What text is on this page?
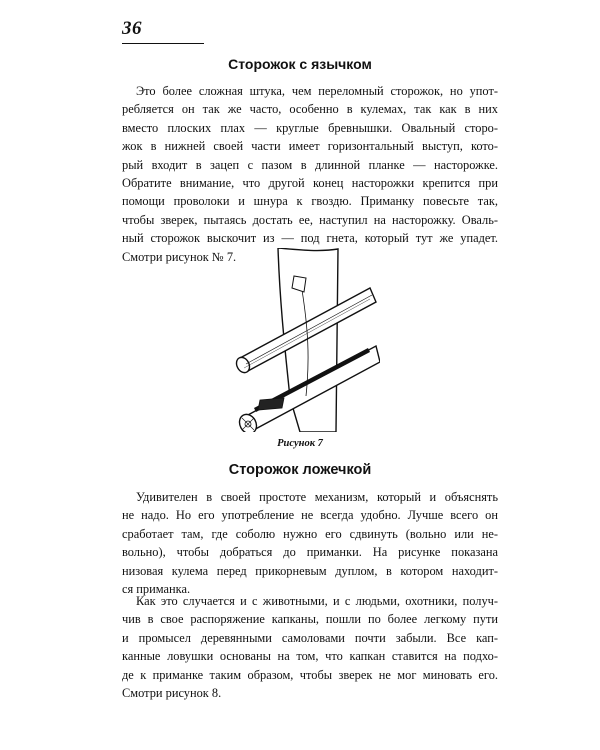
36
Сторожок с язычком
Это более сложная штука, чем переломный сторожок, но упот-
ребляется он так же часто, особенно в кулемах, так как в них
вместо плоских плах — круглые бревнышки. Овальный сторо-
жок в нижней своей части имеет горизонтальный выступ, кото-
рый входит в зацеп с пазом в длинной планке — насторожке.
Обратите внимание, что другой конец насторожки крепится при
помощи проволоки и шнура к гвоздю. Приманку повесьте так,
чтобы зверек, пытаясь достать ее, наступил на насторожку. Оваль-
ный сторожок выскочит из — под гнета, который тут же упадет.
Смотри рисунок № 7.
Рисунок 7
Сторожок ложечкой
Удивителен в своей простоте механизм, который и объяснять
не надо. Но его употребление не всегда удобно. Лучше всего он
сработает там, где соболю нужно его сдвинуть (вольно или не-
вольно), чтобы добраться до приманки. На рисунке показана
низовая кулема перед прикорневым дуплом, в котором находит-
ся приманка.
Как это случается и с животными, и с людьми, охотники, получ-
чив в свое распоряжение капканы, пошли по более легкому пути
и промысел деревянными самоловами почти забыли. Все кап-
канные ловушки основаны на том, что капкан ставится на подхо-
де к приманке таким образом, чтобы зверек не мог миновать его.
Смотри рисунок 8.
